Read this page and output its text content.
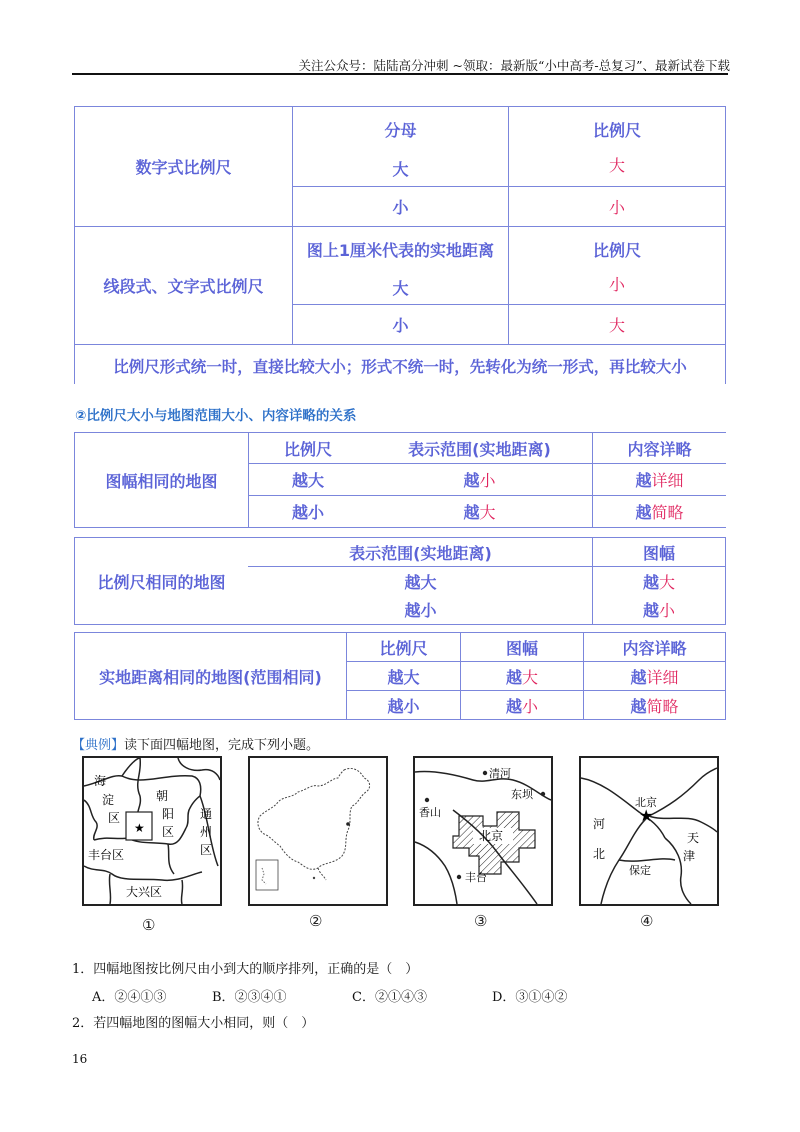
关注公众号：陆陆高分冲刺 ~领取：最新版“小中高考-总复习”、最新试卷下载
数字式比例尺
分母	比例尺
大	大
小	小
线段式、文字式比例尺
图上1厘米代表的实地距离	比例尺
大	小
小	大
比例尺形式统一时，直接比较大小；形式不统一时，先转化为统一形式，再比较大小
②比例尺大小与地图范围大小、内容详略的关系
图幅相同的地图
比例尺	表示范围(实地距离)	内容详略
越大	越 小	越 详细
越小	越 大	越 简略
比例尺相同的地图
表示范围(实地距离)	图幅
越大	越 大
越小	越 小
实地距离相同的地图(范围相同)
比例尺	图幅	内容详略
越大	越 大	越 详细
越小	越 小	越 简略
【典例】读下面四幅地图，完成下列小题。
★
海
淀
区
朝
阳
区
通
州
区
丰台区
大兴区
①	②
清河
东坝
香山
北京
丰台
③
★
北京
河
北
天
津
保定
④
1．四幅地图按比例尺由小到大的顺序排列，正确的是（　）
A．②④①③	B．②③④①	C．②①④③	D．③①④②
2．若四幅地图的图幅大小相同，则（　）
16
